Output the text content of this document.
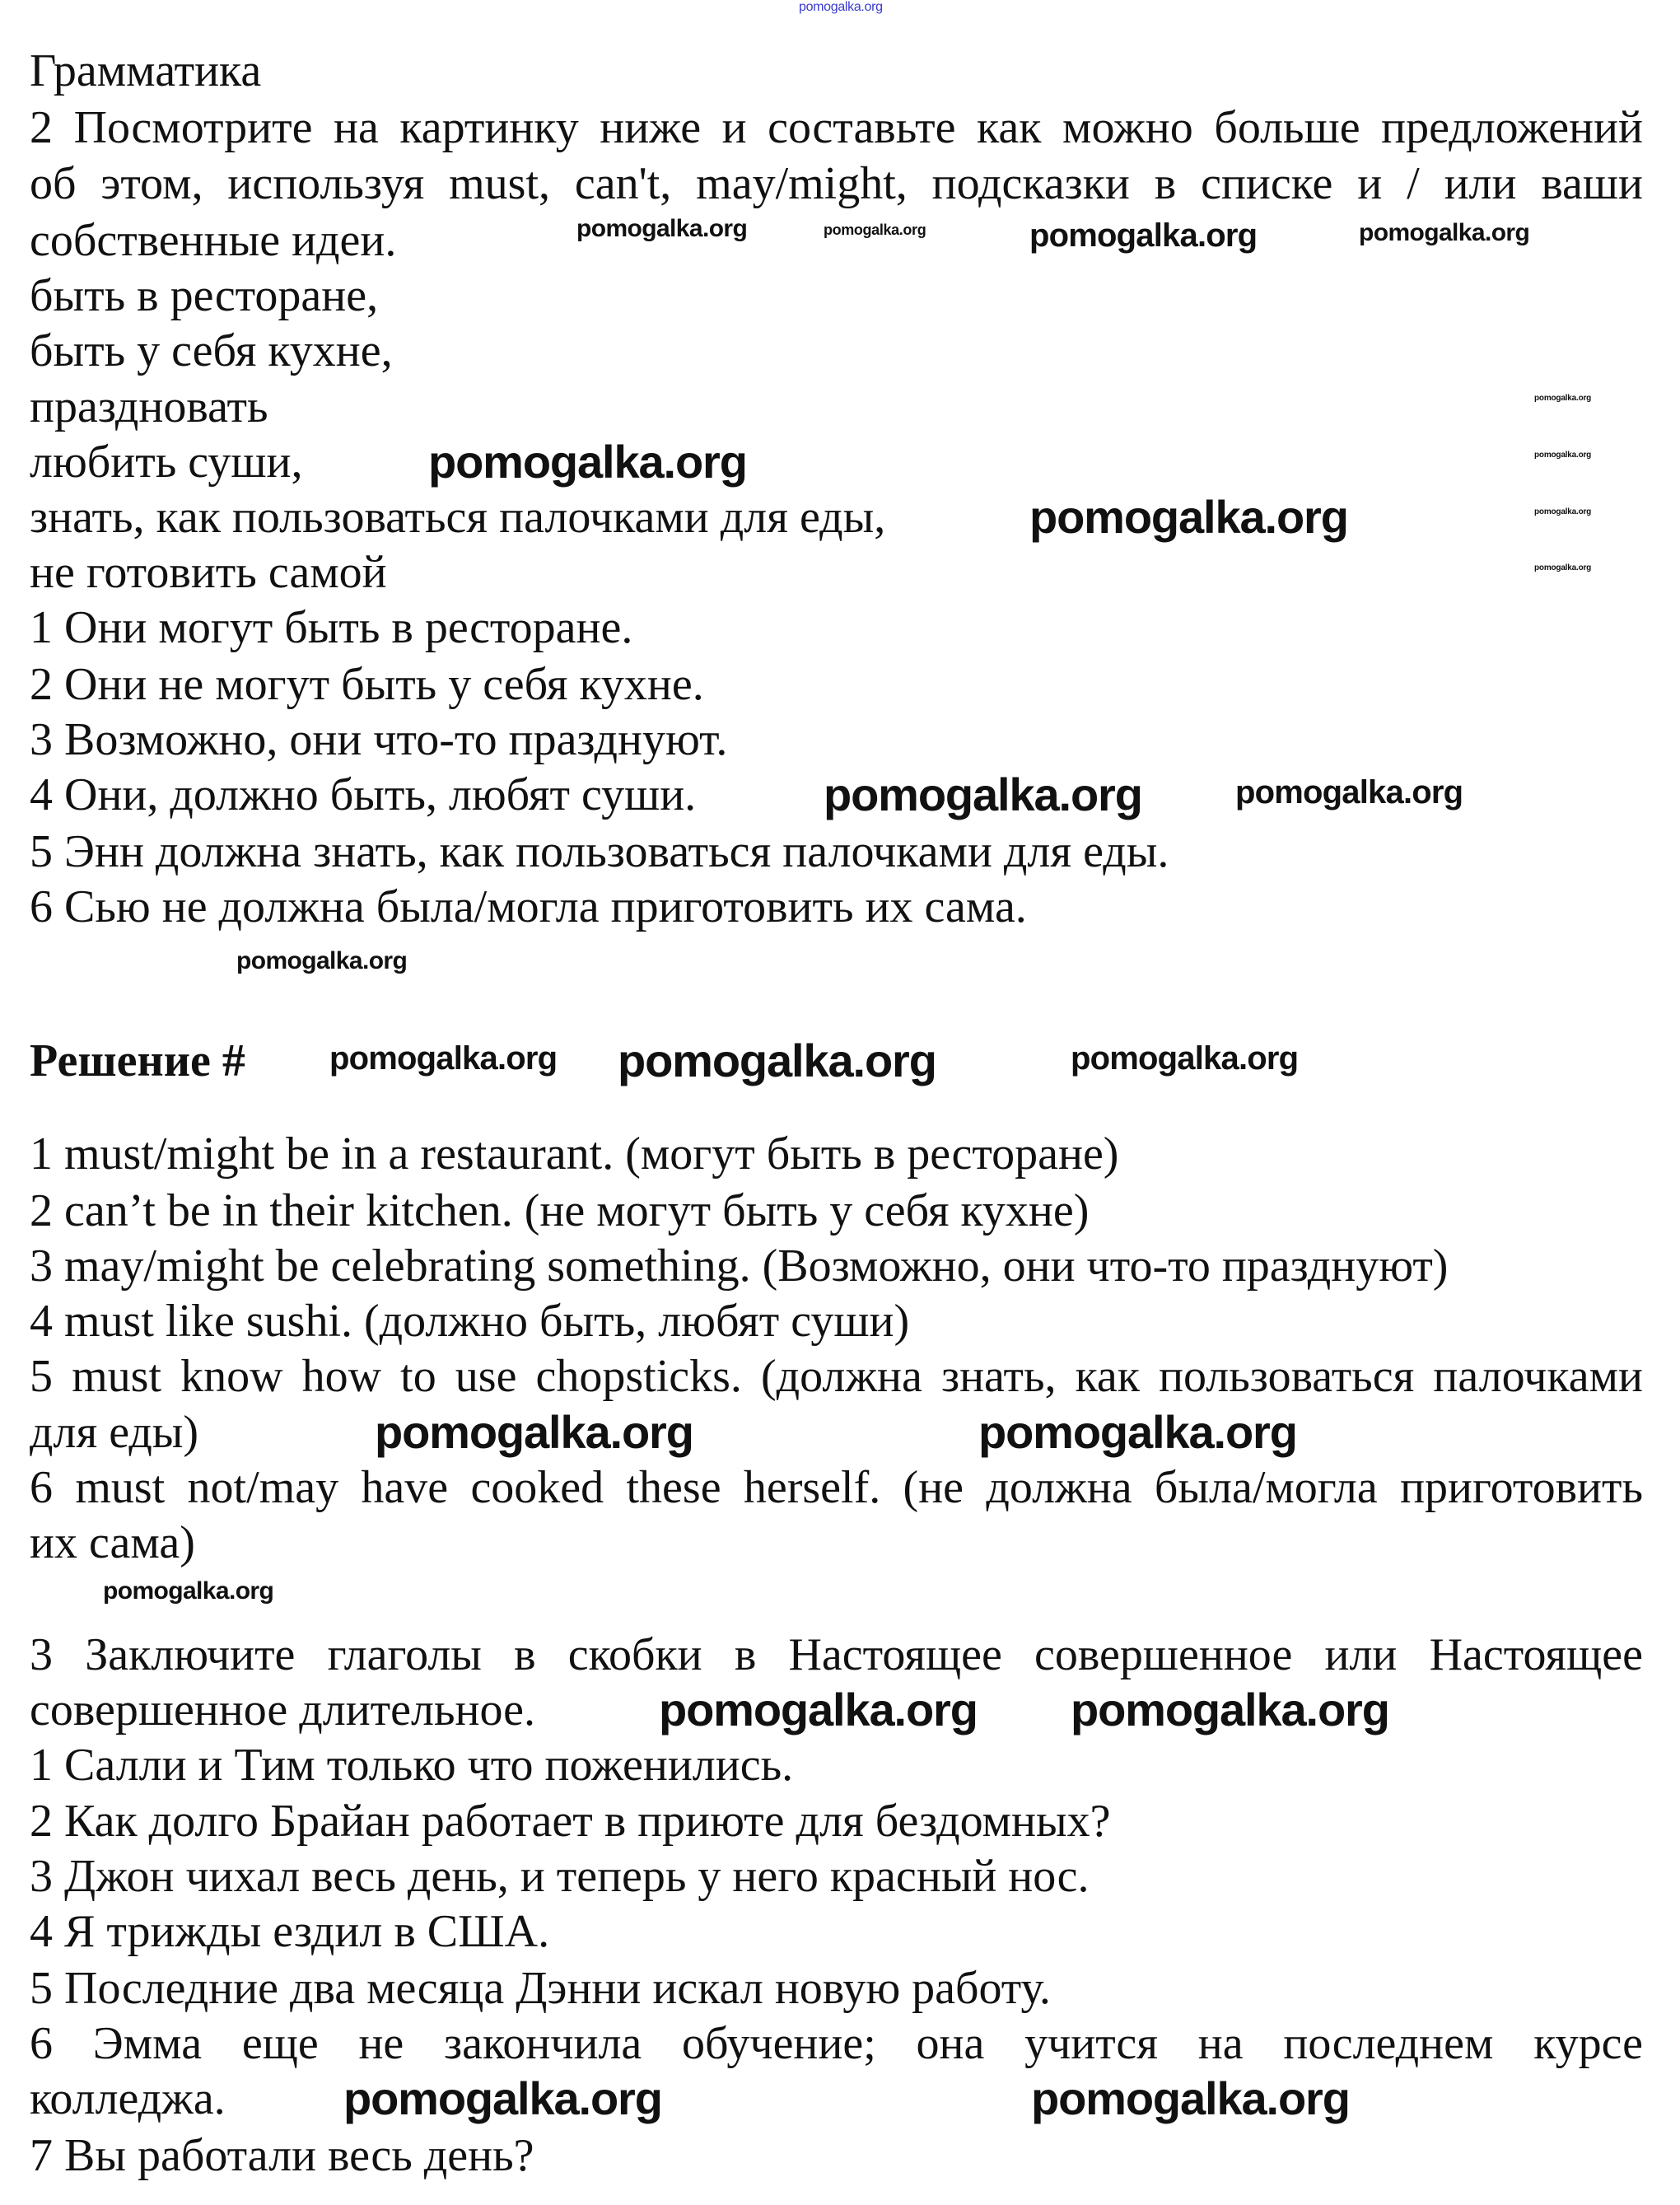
Грамматика
2 Посмотрите на картинку ниже и составьте как можно больше предложений
об этом, используя must, can't, may/might, подсказки в списке и / или ваши
собственные идеи.
быть в ресторане,
быть у себя кухне,
праздновать
любить суши,
знать, как пользоваться палочками для еды,
не готовить самой
1 Они могут быть в ресторане.
2 Они не могут быть у себя кухне.
3 Возможно, они что-то празднуют.
4 Они, должно быть, любят суши.
5 Энн должна знать, как пользоваться палочками для еды.
6 Сью не должна была/могла приготовить их сама.
Решение #
1 must/might be in a restaurant. (могут быть в ресторане)
2 can’t be in their kitchen. (не могут быть у себя кухне)
3 may/might be celebrating something. (Возможно, они что-то празднуют)
4 must like sushi. (должно быть, любят суши)
5 must know how to use chopsticks. (должна знать, как пользоваться палочками
для еды)
6 must not/may have cooked these herself. (не должна была/могла приготовить
их сама)
3 Заключите глаголы в скобки в Настоящее совершенное или Настоящее
совершенное длительное.
1 Салли и Тим только что поженились.
2 Как долго Брайан работает в приюте для бездомных?
3 Джон чихал весь день, и теперь у него красный нос.
4 Я трижды ездил в США.
5 Последние два месяца Дэнни искал новую работу.
6 Эмма еще не закончила обучение; она учится на последнем курсе
колледжа.
7 Вы работали весь день?
pomogalka.org
pomogalka.org	pomogalka.org	pomogalka.org	pomogalka.org
pomogalka.org
pomogalka.org
pomogalka.org
pomogalka.org
pomogalka.org
pomogalka.org
pomogalka.org	pomogalka.org
pomogalka.org
pomogalka.org pomogalka.org	pomogalka.org
pomogalka.org	pomogalka.org
pomogalka.org
pomogalka.org pomogalka.org
pomogalka.org	pomogalka.org
